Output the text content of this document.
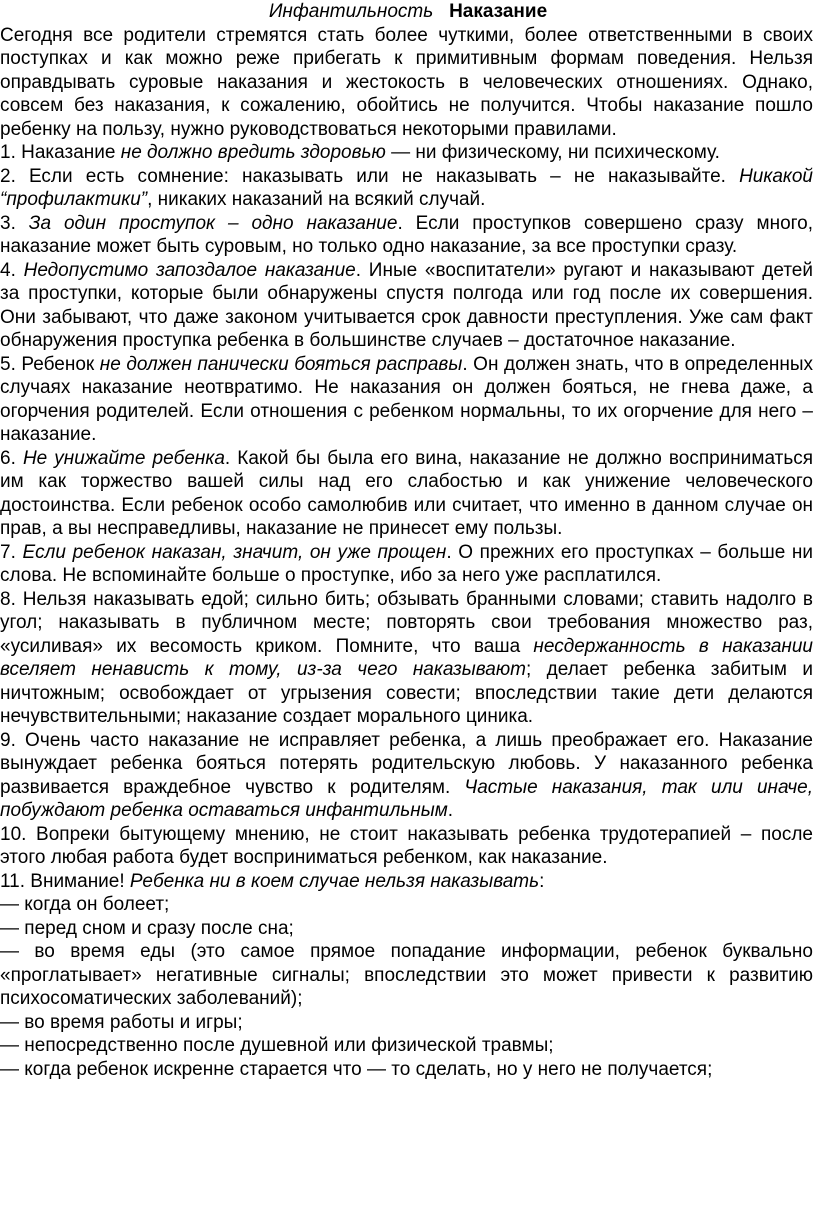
Инфантильность Наказание
Сегодня все родители стремятся стать более чуткими, более ответственными в своих поступках и как можно реже прибегать к примитивным формам поведения. Нельзя оправдывать суровые наказания и жестокость в человеческих отношениях. Однако, совсем без наказания, к сожалению, обойтись не получится. Чтобы наказание пошло ребенку на пользу, нужно руководствоваться некоторыми правилами.
1. Наказание не должно вредить здоровью — ни физическому, ни психическому.
2. Если есть сомнение: наказывать или не наказывать – не наказывайте. Никакой “профилактики”, никаких наказаний на всякий случай.
3. За один проступок – одно наказание. Если проступков совершено сразу много, наказание может быть суровым, но только одно наказание, за все проступки сразу.
4. Недопустимо запоздалое наказание. Иные «воспитатели» ругают и наказывают детей за проступки, которые были обнаружены спустя полгода или год после их совершения. Они забывают, что даже законом учитывается срок давности преступления. Уже сам факт обнаружения проступка ребенка в большинстве случаев – достаточное наказание.
5. Ребенок не должен панически бояться расправы. Он должен знать, что в определенных случаях наказание неотвратимо. Не наказания он должен бояться, не гнева даже, а огорчения родителей. Если отношения с ребенком нормальны, то их огорчение для него – наказание.
6. Не унижайте ребенка. Какой бы была его вина, наказание не должно восприниматься им как торжество вашей силы над его слабостью и как унижение человеческого достоинства. Если ребенок особо самолюбив или считает, что именно в данном случае он прав, а вы несправедливы, наказание не принесет ему пользы.
7. Если ребенок наказан, значит, он уже прощен. О прежних его проступках – больше ни слова. Не вспоминайте больше о проступке, ибо за него уже расплатился.
8. Нельзя наказывать едой; сильно бить; обзывать бранными словами; ставить надолго в угол; наказывать в публичном месте; повторять свои требования множество раз, «усиливая» их весомость криком. Помните, что ваша несдержанность в наказании вселяет ненависть к тому, из-за чего наказывают; делает ребенка забитым и ничтожным; освобождает от угрызения совести; впоследствии такие дети делаются нечувствительными; наказание создает морального циника.
9. Очень часто наказание не исправляет ребенка, а лишь преображает его. Наказание вынуждает ребенка бояться потерять родительскую любовь. У наказанного ребенка развивается враждебное чувство к родителям. Частые наказания, так или иначе, побуждают ребенка оставаться инфантильным.
10. Вопреки бытующему мнению, не стоит наказывать ребенка трудотерапией – после этого любая работа будет восприниматься ребенком, как наказание.
11. Внимание! Ребенка ни в коем случае нельзя наказывать:
— когда он болеет;
— перед сном и сразу после сна;
— во время еды (это самое прямое попадание информации, ребенок буквально «проглатывает» негативные сигналы; впоследствии это может привести к развитию психосоматических заболеваний);
— во время работы и игры;
— непосредственно после душевной или физической травмы;
— когда ребенок искренне старается что — то сделать, но у него не получается;
